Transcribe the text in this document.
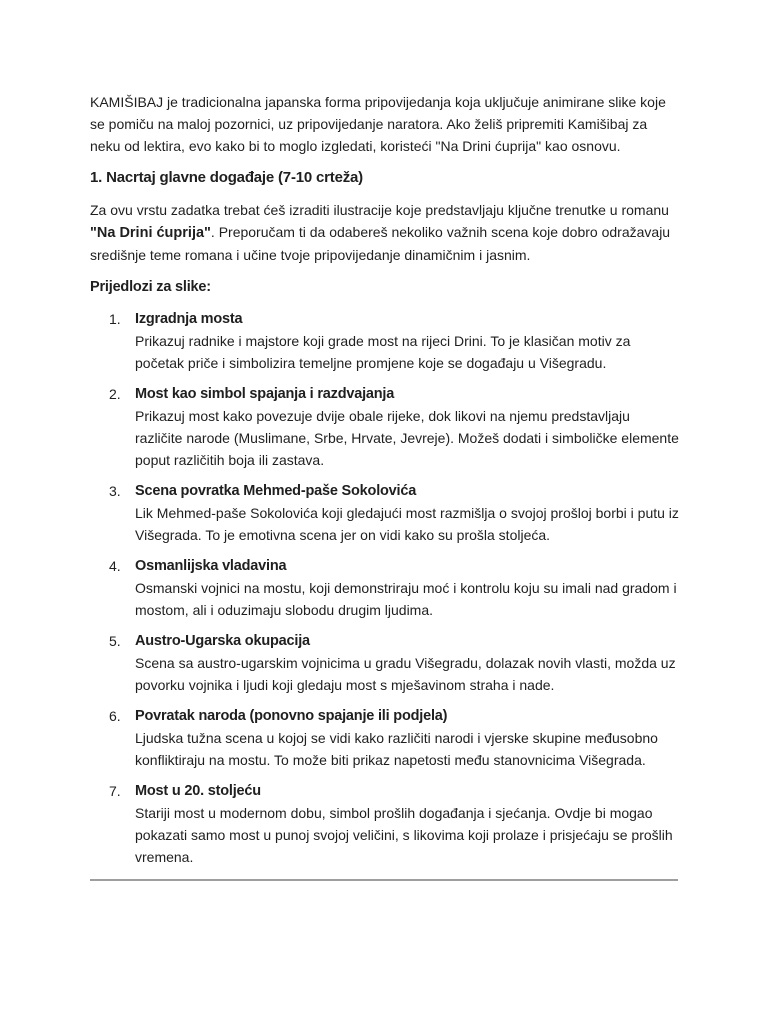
KAMIŠIBAJ je tradicionalna japanska forma pripovijedanja koja uključuje animirane slike koje se pomiču na maloj pozornici, uz pripovijedanje naratora. Ako želiš pripremiti Kamišibaj za neku od lektira, evo kako bi to moglo izgledati, koristeći "Na Drini ćuprija" kao osnovu.

1. Nacrtaj glavne događaje (7-10 crteža)

Za ovu vrstu zadatka trebat ćeš izraditi ilustracije koje predstavljaju ključne trenutke u romanu "Na Drini ćuprija". Preporučam ti da odabereš nekoliko važnih scena koje dobro odražavaju središnje teme romana i učine tvoje pripovijedanje dinamičnim i jasnim.

Prijedlozi za slike:
1. Izgradnja mosta
Prikazuj radnike i majstore koji grade most na rijeci Drini. To je klasičan motiv za početak priče i simbolizira temeljne promjene koje se događaju u Višegradu.
2. Most kao simbol spajanja i razdvajanja
Prikazuj most kako povezuje dvije obale rijeke, dok likovi na njemu predstavljaju različite narode (Muslimane, Srbe, Hrvate, Jevreje). Možeš dodati i simboličke elemente poput različitih boja ili zastava.
3. Scena povratka Mehmed-paše Sokolovića
Lik Mehmed-paše Sokolovića koji gledajući most razmišlja o svojoj prošloj borbi i putu iz Višegrada. To je emotivna scena jer on vidi kako su prošla stoljeća.
4. Osmanlijska vladavina
Osmanski vojnici na mostu, koji demonstriraju moć i kontrolu koju su imali nad gradom i mostom, ali i oduzimaju slobodu drugim ljudima.
5. Austro-Ugarska okupacija
Scena sa austro-ugarskim vojnicima u gradu Višegradu, dolazak novih vlasti, možda uz povorku vojnika i ljudi koji gledaju most s mješavinom straha i nade.
6. Povratak naroda (ponovno spajanje ili podjela)
Ljudska tužna scena u kojoj se vidi kako različiti narodi i vjerske skupine međusobno konfliktiraju na mostu. To može biti prikaz napetosti među stanovnicima Višegrada.
7. Most u 20. stoljeću
Stariji most u modernom dobu, simbol prošlih događanja i sjećanja. Ovdje bi mogao pokazati samo most u punoj svojoj veličini, s likovima koji prolaze i prisjećaju se prošlih vremena.
